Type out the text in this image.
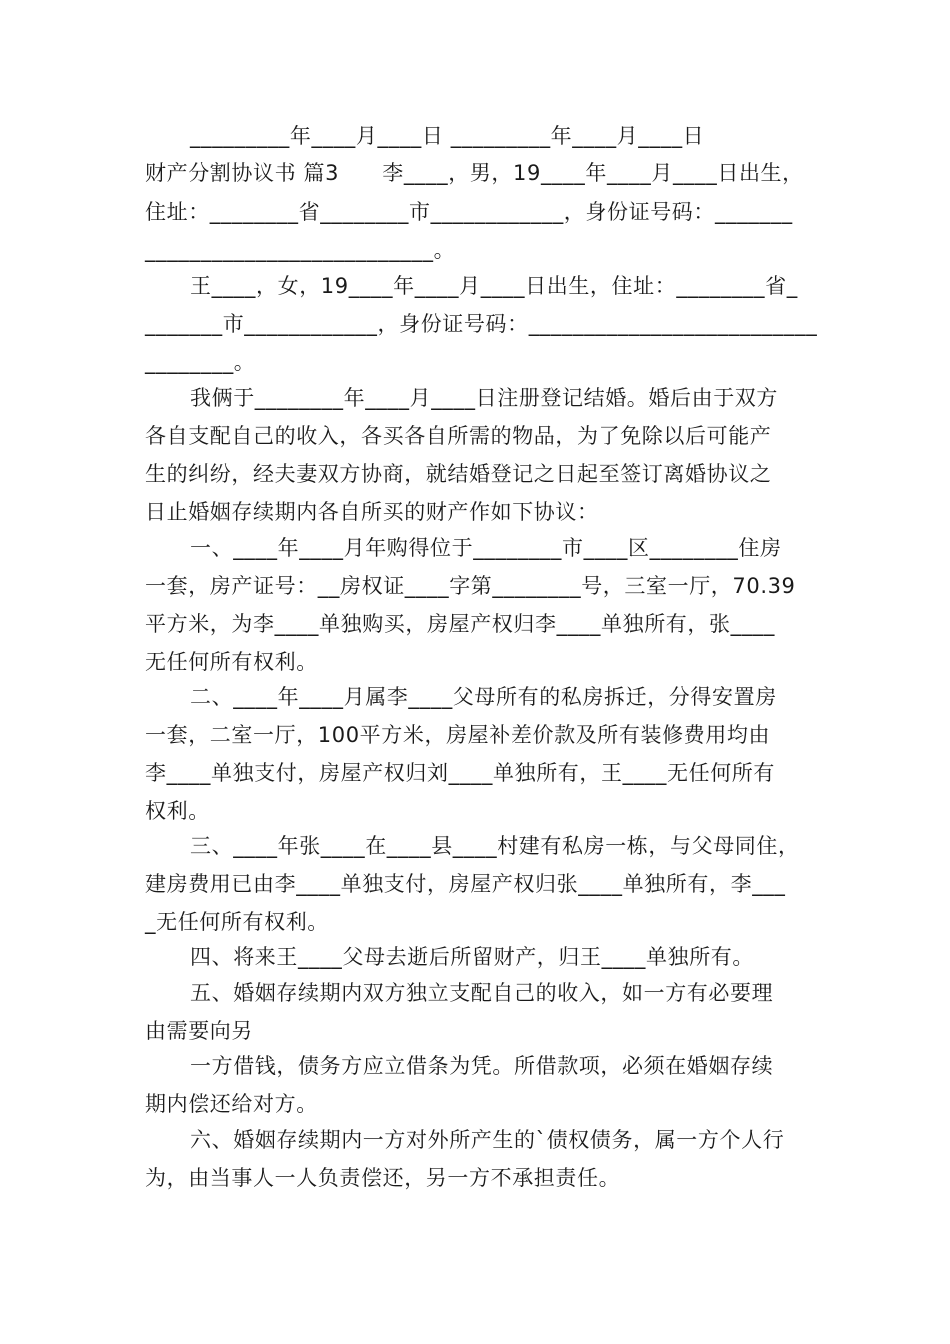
_________年____月____日 _________年____月____日
财产分割协议书 篇3　　李____，男，19____年____月____日出生，
住址：________省________市____________，身份证号码：_______
__________________________。
王____，女，19____年____月____日出生，住址：________省_
_______市____________，身份证号码：__________________________
________。
我俩于________年____月____日注册登记结婚。婚后由于双方
各自支配自己的收入，各买各自所需的物品，为了免除以后可能产
生的纠纷，经夫妻双方协商，就结婚登记之日起至签订离婚协议之
日止婚姻存续期内各自所买的财产作如下协议：
一、____年____月年购得位于________市____区________住房
一套，房产证号：__房权证____字第________号，三室一厅，70.39
平方米，为李____单独购买，房屋产权归李____单独所有，张____
无任何所有权利。
二、____年____月属李____父母所有的私房拆迁，分得安置房
一套，二室一厅，100平方米，房屋补差价款及所有装修费用均由
李____单独支付，房屋产权归刘____单独所有，王____无任何所有
权利。
三、____年张____在____县____村建有私房一栋，与父母同住，
建房费用已由李____单独支付，房屋产权归张____单独所有，李___
_无任何所有权利。
四、将来王____父母去逝后所留财产，归王____单独所有。
五、婚姻存续期内双方独立支配自己的收入，如一方有必要理
由需要向另
一方借钱，债务方应立借条为凭。所借款项，必须在婚姻存续
期内偿还给对方。
六、婚姻存续期内一方对外所产生的`债权债务，属一方个人行
为，由当事人一人负责偿还，另一方不承担责任。
